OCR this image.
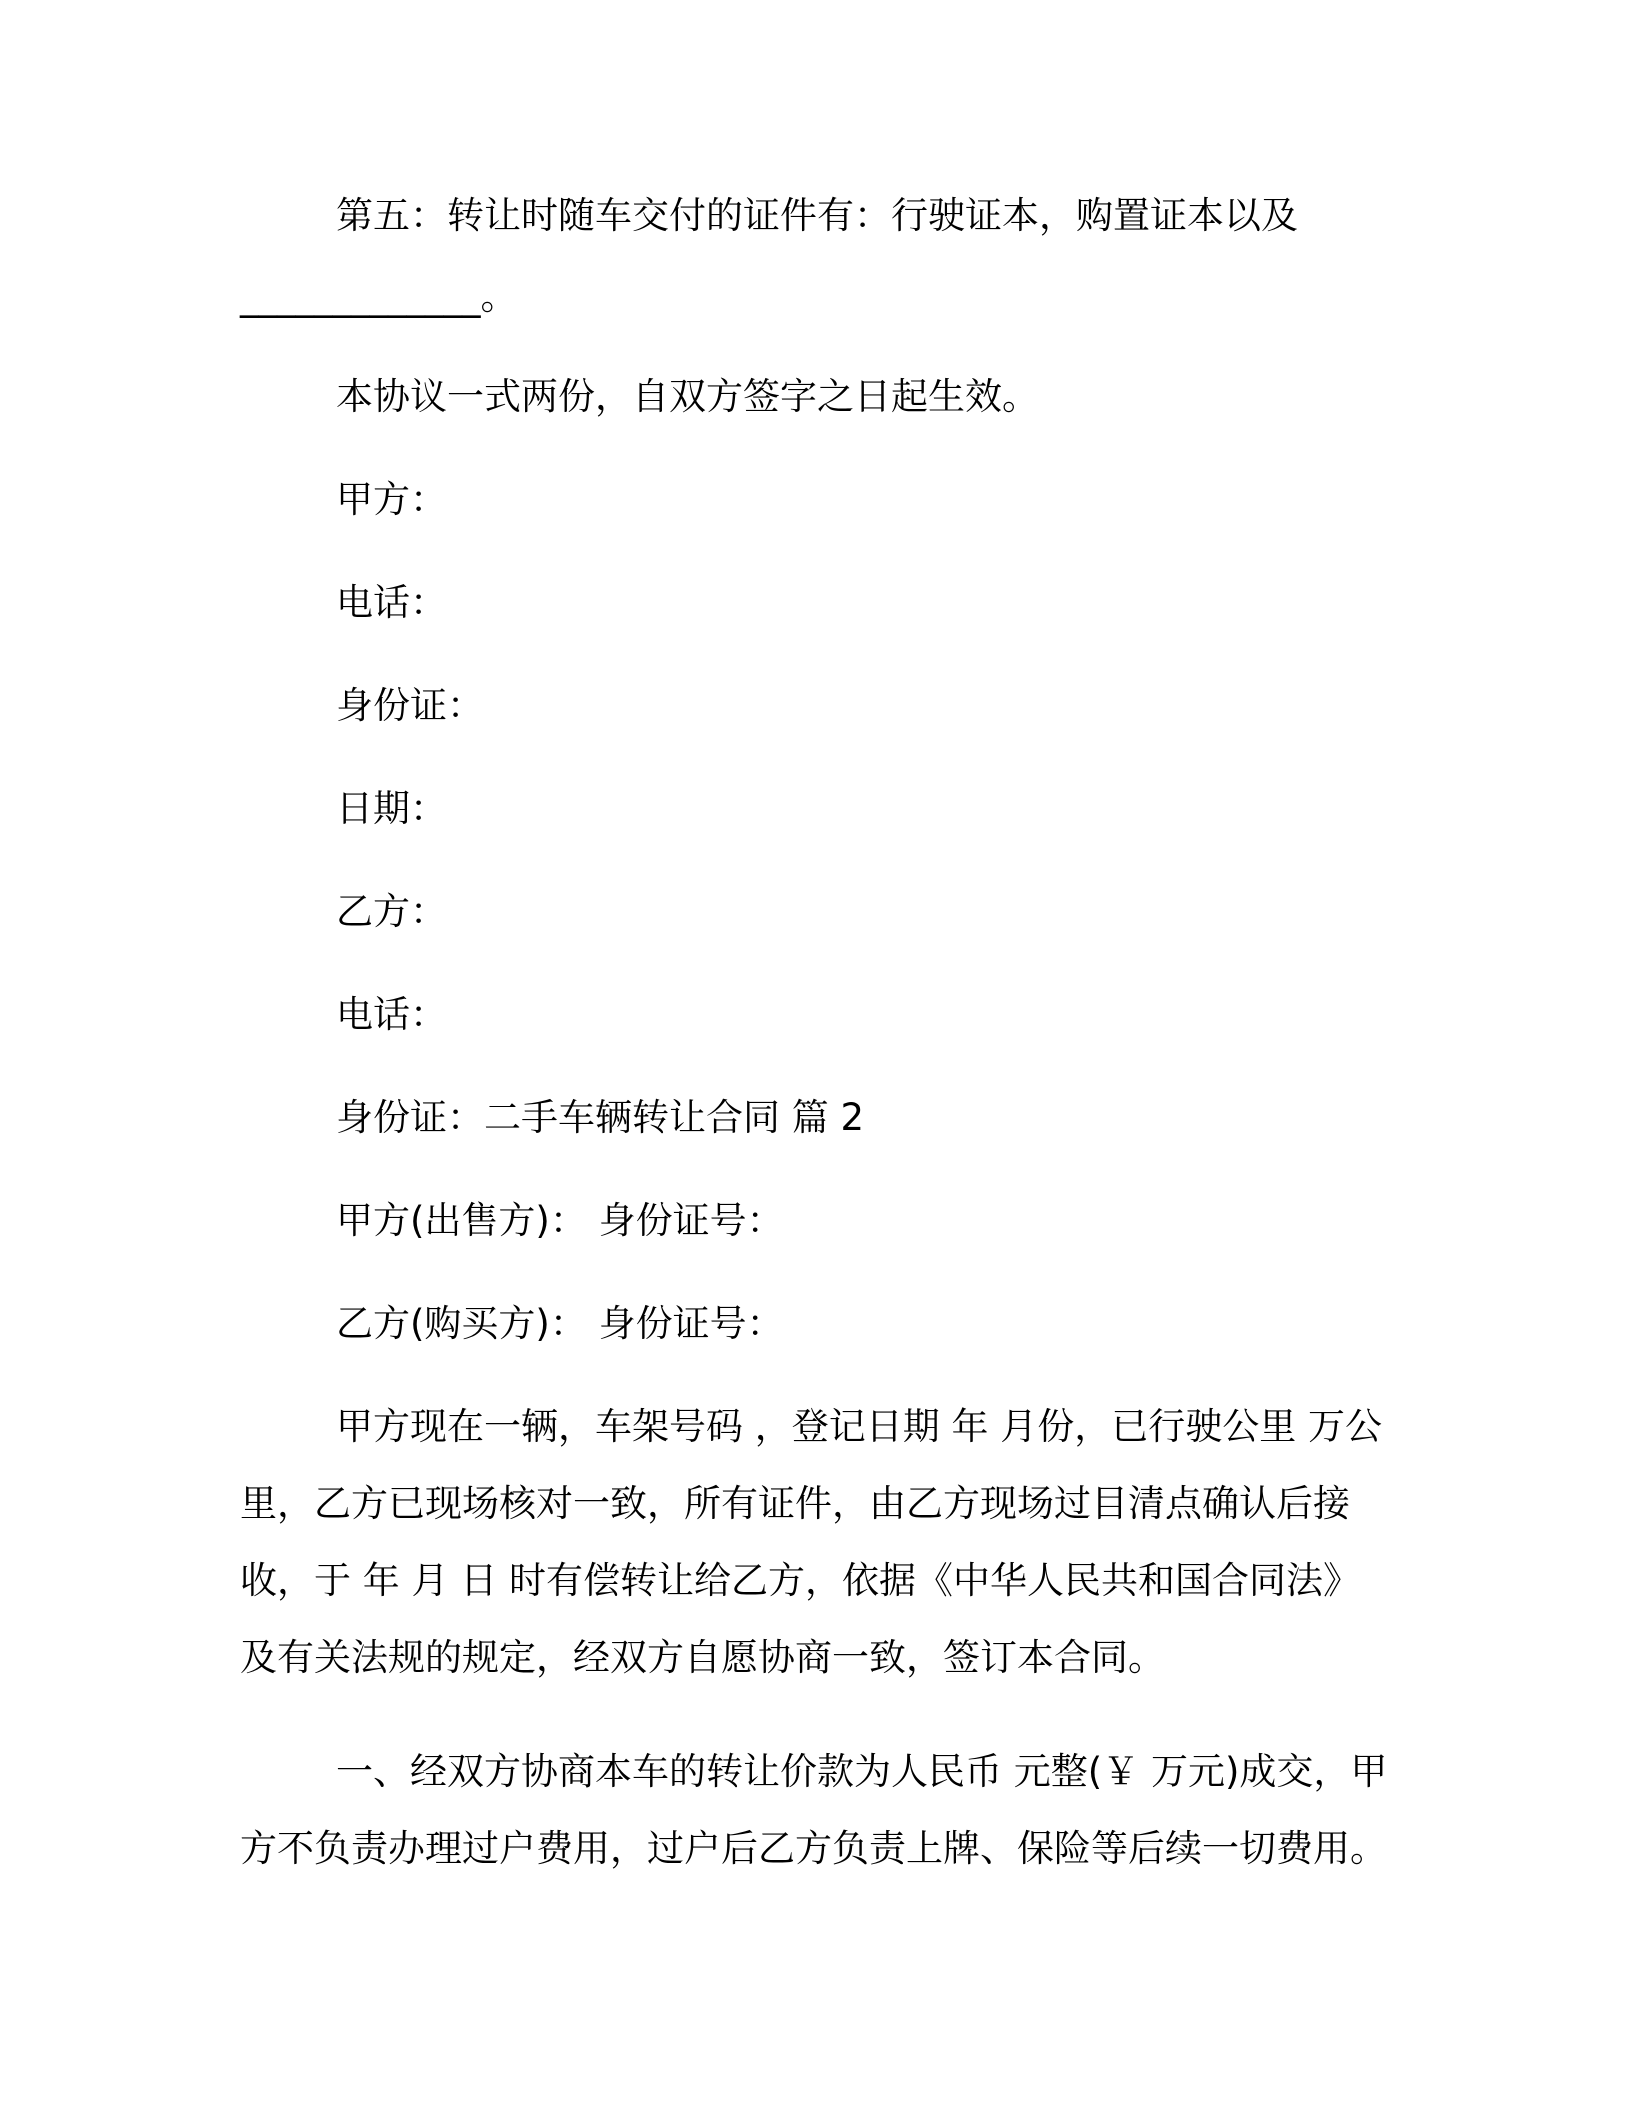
第五：转让时随车交付的证件有：行驶证本，购置证本以及

_____________。

本协议一式两份，自双方签字之日起生效。

甲方：

电话：

身份证：

日期：

乙方：

电话：

身份证：二手车辆转让合同 篇 2

甲方(出售方)： 身份证号：

乙方(购买方)： 身份证号：

甲方现在一辆，车架号码 ，登记日期 年 月份，已行驶公里 万公
里，乙方已现场核对一致，所有证件，由乙方现场过目清点确认后接
收，于 年 月 日 时有偿转让给乙方，依据《中华人民共和国合同法》
及有关法规的规定，经双方自愿协商一致，签订本合同。
一、经双方协商本车的转让价款为人民币 元整(￥ 万元)成交，甲
方不负责办理过户费用，过户后乙方负责上牌、保险等后续一切费用。
